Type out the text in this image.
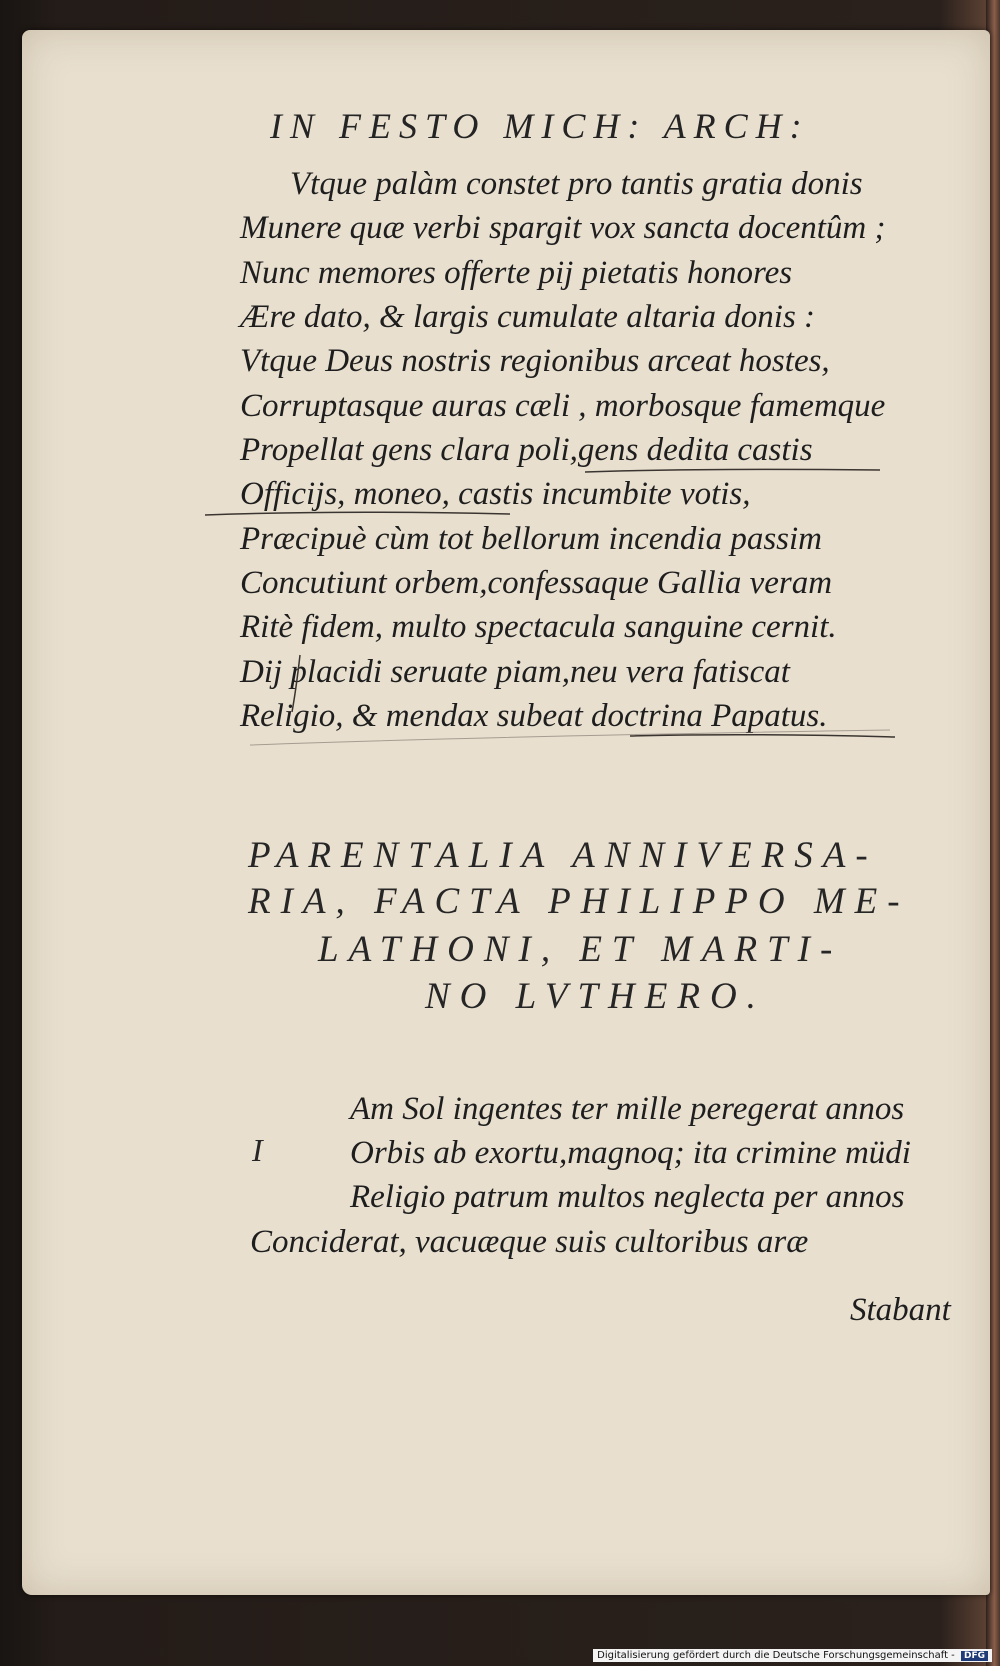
IN FESTO MICH: ARCH:
Vtque palàm constet pro tantis gratia donis
Munere quæ verbi spargit vox sancta docentûm ;
Nunc memores offerte pij pietatis honores
Ære dato, & largis cumulate altaria donis :
Vtque Deus nostris regionibus arceat hostes,
Corruptasque auras cæli , morbosque famemque
Propellat gens clara poli,gens dedita castis
Officijs, moneo, castis incumbite votis,
Præcipuè cùm tot bellorum incendia passim
Concutiunt orbem,confessaque Gallia veram
Ritè fidem, multo spectacula sanguine cernit.
Dij placidi seruate piam,neu vera fatiscat
Religio, & mendax subeat doctrina Papatus.
PARENTALIA ANNIVERSA-
RIA, FACTA PHILIPPO ME-
LATHONI, ET MARTI-
NO LVTHERO.
I
Am Sol ingentes ter mille peregerat annos
Orbis ab exortu,magnoq; ita crimine müdi
Religio patrum multos neglecta per annos
Conciderat, vacuæque suis cultoribus aræ
Stabant
Digitalisierung gefördert durch die Deutsche Forschungsgemeinschaft - DFG
